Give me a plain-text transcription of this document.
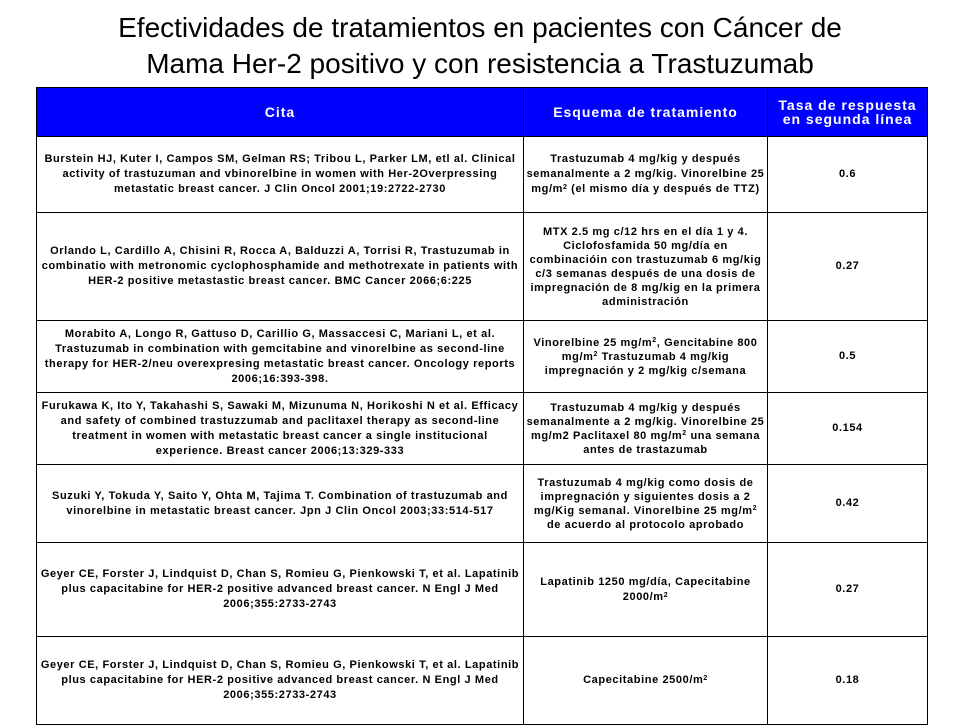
Efectividades de tratamientos en pacientes con Cáncer de
Mama Her-2 positivo y con resistencia a Trastuzumab
Cita	Esquema de tratamiento	Tasa de respuesta en segunda línea
Burstein HJ, Kuter I, Campos SM, Gelman RS; Tribou L, Parker LM, etl al. Clinical activity of trastuzuman and vbinorelbine in women with Her-2Overpressing metastatic breast cancer. J Clin Oncol 2001;19:2722-2730	Trastuzumab 4 mg/kig y después semanalmente a 2 mg/kig. Vinorelbine 25 $mg/m^2$ (el mismo día y después de TTZ)	0.6
Orlando L, Cardillo A, Chisini R, Rocca A, Balduzzi A, Torrisi R, Trastuzumab in combinatio with metronomic cyclophosphamide and methotrexate in patients with HER-2 positive metastastic breast cancer. BMC Cancer 2066;6:225	MTX 2.5 mg c/12 hrs en el día 1 y 4. Ciclofosfamida 50 mg/día en combinacióin con trastuzumab 6 mg/kig c/3 semanas después de una dosis de impregnación de 8 mg/kig en la primera administración	0.27
Morabito A, Longo R, Gattuso D, Carillio G, Massaccesi C, Mariani L, et al. Trastuzumab in combination with gemcitabine and vinorelbine as second-line therapy for HER-2/neu overexpresing metastatic breast cancer. Oncology reports 2006;16:393-398.	Vinorelbine 25 $mg/m^2$, Gencitabine 800 $mg/m^2$ Trastuzumab 4 mg/kig impregnación y 2 mg/kig c/semana	0.5
Furukawa K, Ito Y, Takahashi S, Sawaki M, Mizunuma N, Horikoshi N et al. Efficacy and safety of combined trastuzzumab and paclitaxel therapy as second-line treatment in women with metastatic breast cancer a single institucional experience. Breast cancer 2006;13:329-333	Trastuzumab 4 mg/kig y después semanalmente a 2 mg/kig. Vinorelbine 25 mg/m2 Paclitaxel 80 $mg/m^2$ una semana antes de trastazumab	0.154
Suzuki Y, Tokuda Y, Saito Y, Ohta M, Tajima T. Combination of trastuzumab and vinorelbine in metastatic breast cancer. Jpn J Clin Oncol 2003;33:514-517	Trastuzumab 4 mg/kig como dosis de impregnación y siguientes dosis a 2 mg/Kig semanal. Vinorelbine 25 $mg/m^2$ de acuerdo al protocolo aprobado	0.42
Geyer CE, Forster J, Lindquist D, Chan S, Romieu G, Pienkowski T, et al. Lapatinib plus capacitabine for HER-2 positive advanced breast cancer. N Engl J Med 2006;355:2733-2743	Lapatinib 1250 mg/día, Capecitabine $2000/m^2$	0.27
Geyer CE, Forster J, Lindquist D, Chan S, Romieu G, Pienkowski T, et al. Lapatinib plus capacitabine for HER-2 positive advanced breast cancer. N Engl J Med 2006;355:2733-2743	Capecitabine $2500/m^2$	0.18
